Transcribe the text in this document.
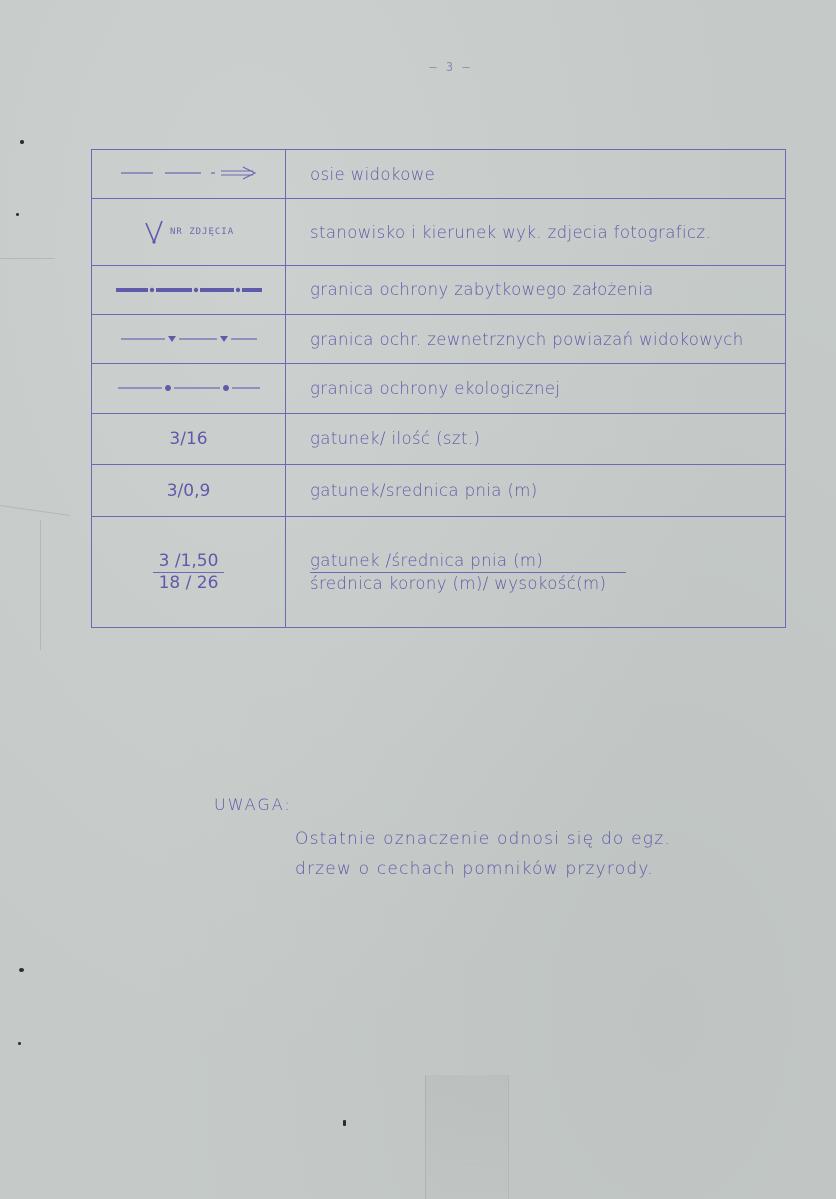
— 3 —
	osie widokowe
NR ZDJĘCIA	stanowisko i kierunek wyk. zdjecia fotograficz.
	granica ochrony zabytkowego założenia
	granica ochr. zewnetrznych powiazań widokowych
	granica ochrony ekologicznej
3/16	gatunek/ ilość (szt.)
3/0,9	gatunek/srednica pnia (m)

$\frac{3 /1,50}{18 / 26}$	$\frac{\text{gatunek /średnica pnia (m)}}{\text{średnica korony (m)/ wysokość(m)}}$
UWAGA:
Ostatnie oznaczenie odnosi się do egz.
drzew o cechach pomników przyrody.
